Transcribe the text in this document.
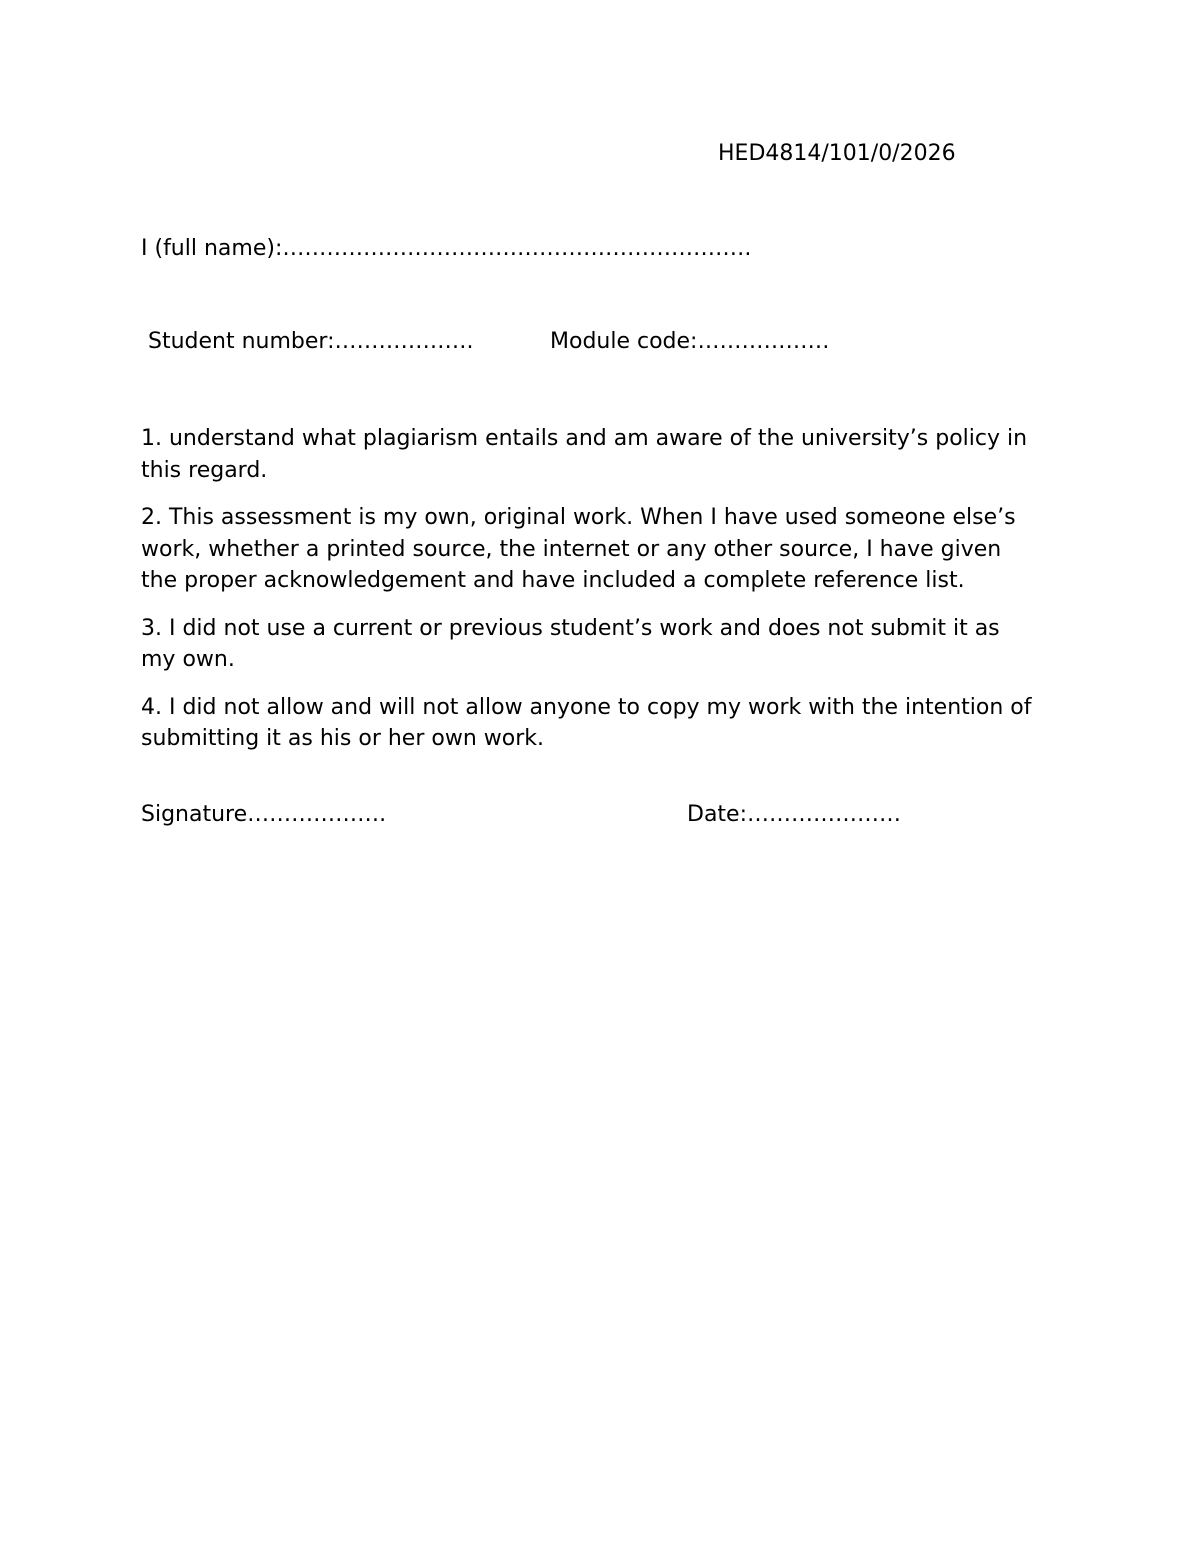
HED4814/101/0/2026
I (full name):……………………………………………………….
Student number:……………….	Module code:………………

1. understand what plagiarism entails and am aware of the university’s policy in this regard.

2. This assessment is my own, original work. When I have used someone else’s work, whether a printed source, the internet or any other source, I have given the proper acknowledgement and have included a complete reference list.

3. I did not use a current or previous student’s work and does not submit it as my own.

4. I did not allow and will not allow anyone to copy my work with the intention of submitting it as his or her own work.

Signature……………….	Date:…………………
